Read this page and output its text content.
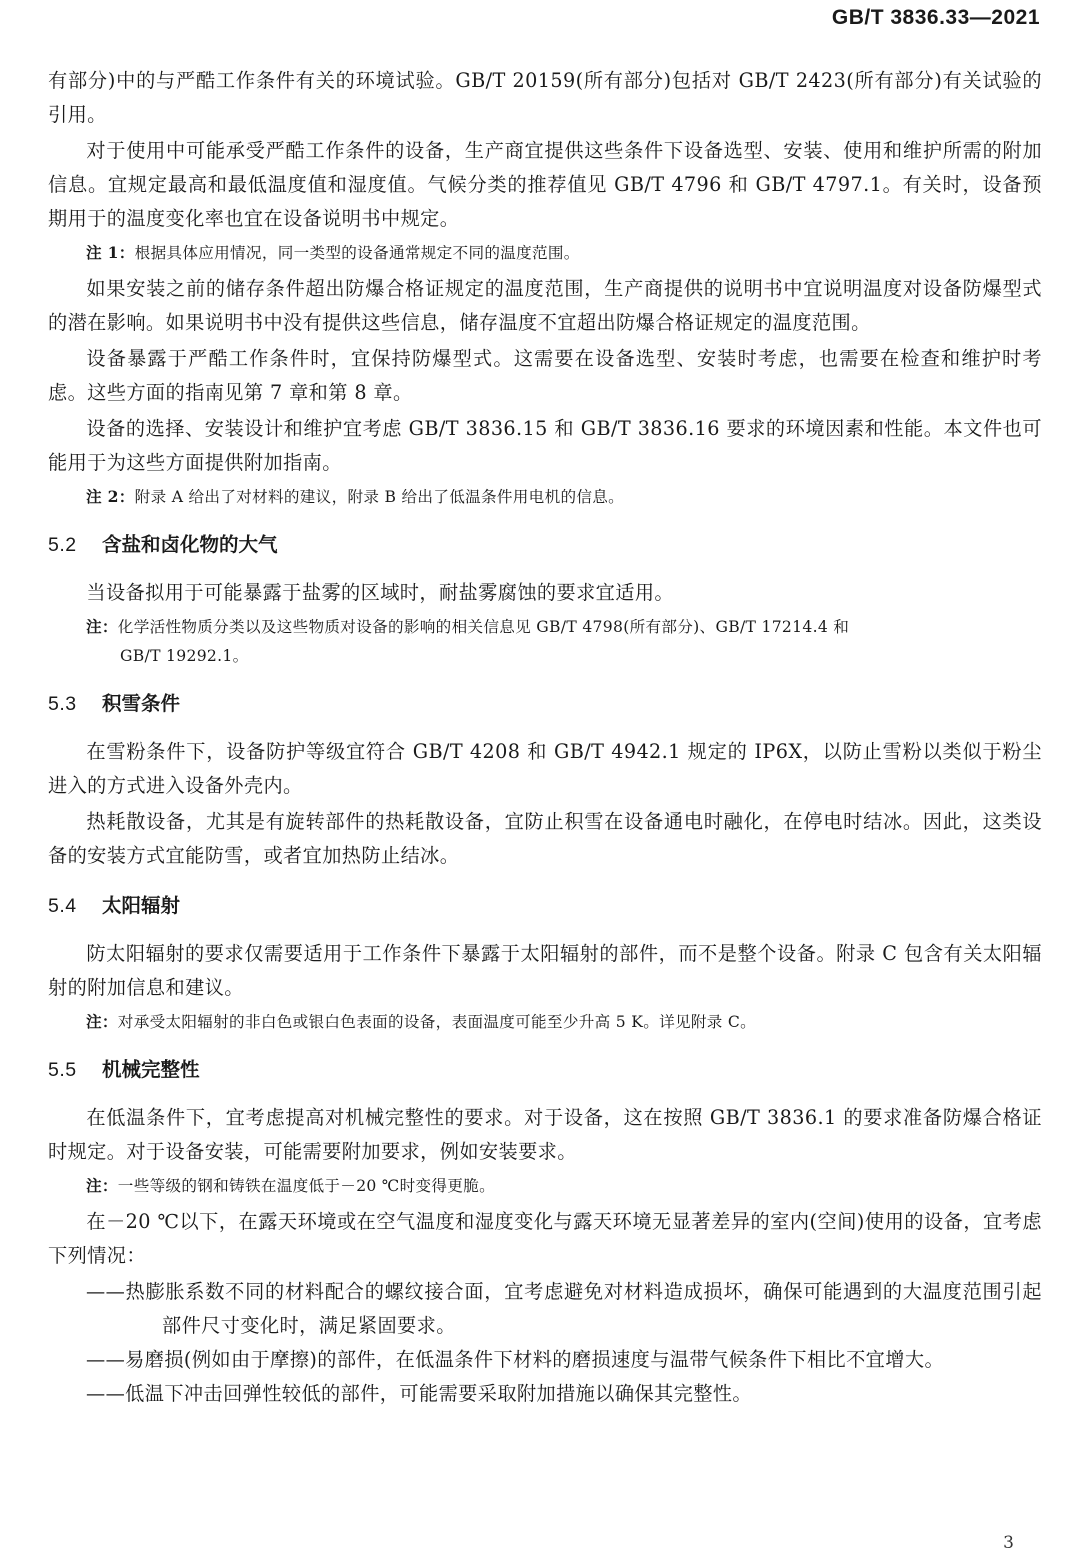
GB/T 3836.33—2021

有部分)中的与严酷工作条件有关的环境试验。GB/T 20159(所有部分)包括对 GB/T 2423(所有部分)有关试验的引用。

对于使用中可能承受严酷工作条件的设备，生产商宜提供这些条件下设备选型、安装、使用和维护所需的附加信息。宜规定最高和最低温度值和湿度值。气候分类的推荐值见 GB/T 4796 和 GB/T 4797.1。有关时，设备预期用于的温度变化率也宜在设备说明书中规定。

注 1：根据具体应用情况，同一类型的设备通常规定不同的温度范围。

如果安装之前的储存条件超出防爆合格证规定的温度范围，生产商提供的说明书中宜说明温度对设备防爆型式的潜在影响。如果说明书中没有提供这些信息，储存温度不宜超出防爆合格证规定的温度范围。

设备暴露于严酷工作条件时，宜保持防爆型式。这需要在设备选型、安装时考虑，也需要在检查和维护时考虑。这些方面的指南见第 7 章和第 8 章。

设备的选择、安装设计和维护宜考虑 GB/T 3836.15 和 GB/T 3836.16 要求的环境因素和性能。本文件也可能用于为这些方面提供附加指南。

注 2：附录 A 给出了对材料的建议，附录 B 给出了低温条件用电机的信息。

5.2	含盐和卤化物的大气

当设备拟用于可能暴露于盐雾的区域时，耐盐雾腐蚀的要求宜适用。

注：化学活性物质分类以及这些物质对设备的影响的相关信息见 GB/T 4798(所有部分)、GB/T 17214.4 和
GB/T 19292.1。

5.3	积雪条件

在雪粉条件下，设备防护等级宜符合 GB/T 4208 和 GB/T 4942.1 规定的 IP6X，以防止雪粉以类似于粉尘进入的方式进入设备外壳内。

热耗散设备，尤其是有旋转部件的热耗散设备，宜防止积雪在设备通电时融化，在停电时结冰。因此，这类设备的安装方式宜能防雪，或者宜加热防止结冰。

5.4	太阳辐射

防太阳辐射的要求仅需要适用于工作条件下暴露于太阳辐射的部件，而不是整个设备。附录 C 包含有关太阳辐射的附加信息和建议。

注：对承受太阳辐射的非白色或银白色表面的设备，表面温度可能至少升高 5 K。详见附录 C。

5.5	机械完整性

在低温条件下，宜考虑提高对机械完整性的要求。对于设备，这在按照 GB/T 3836.1 的要求准备防爆合格证时规定。对于设备安装，可能需要附加要求，例如安装要求。

注：一些等级的钢和铸铁在温度低于－20 ℃时变得更脆。

在－20 ℃以下，在露天环境或在空气温度和湿度变化与露天环境无显著差异的室内(空间)使用的设备，宜考虑下列情况：

——热膨胀系数不同的材料配合的螺纹接合面，宜考虑避免对材料造成损坏，确保可能遇到的大温度范围引起部件尺寸变化时，满足紧固要求。

——易磨损(例如由于摩擦)的部件，在低温条件下材料的磨损速度与温带气候条件下相比不宜增大。

——低温下冲击回弹性较低的部件，可能需要采取附加措施以确保其完整性。

3
